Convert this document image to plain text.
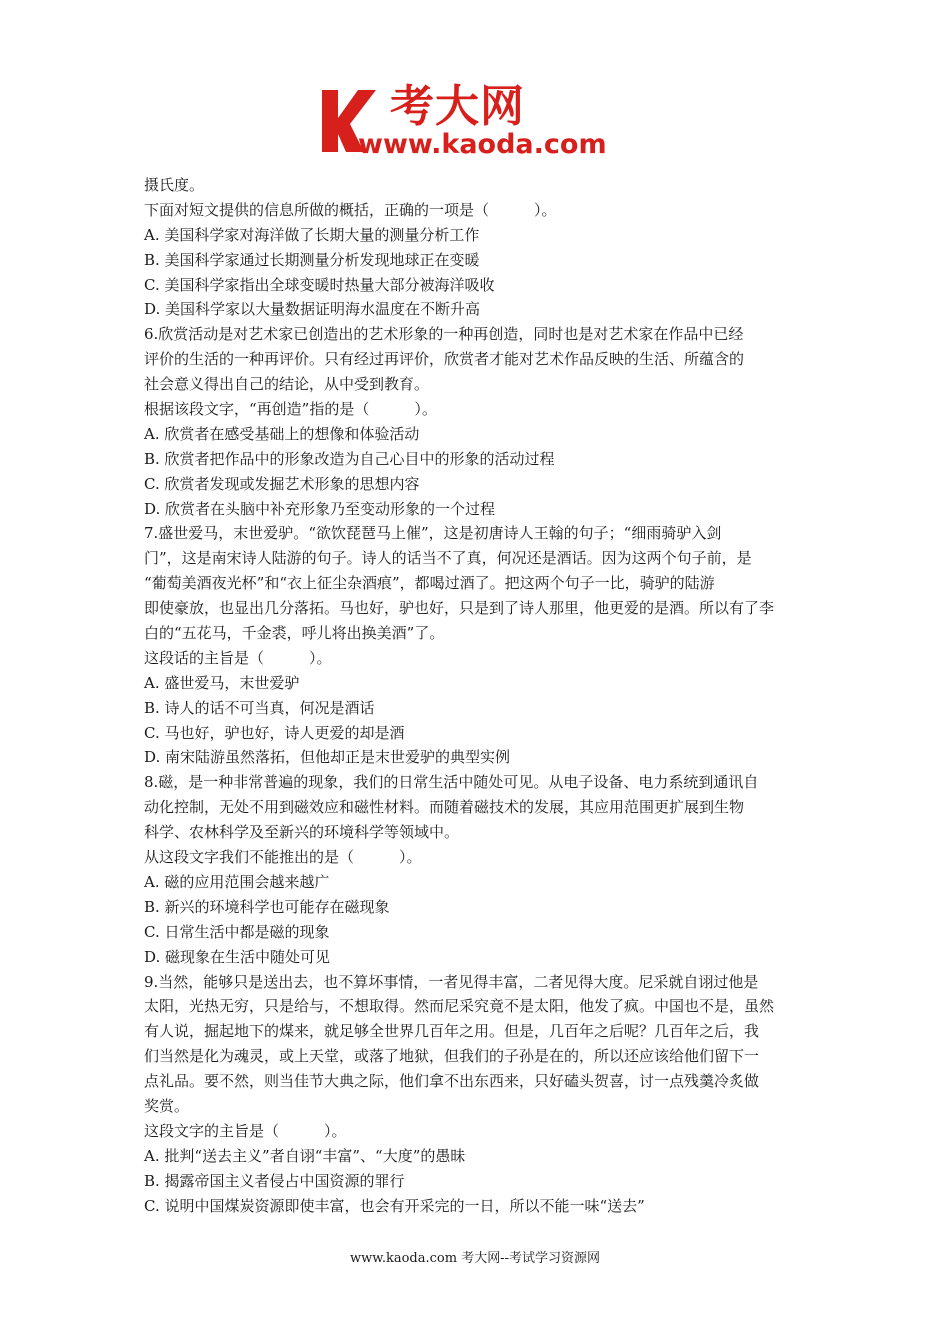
考大网
www.kaoda.com
摄氏度。
下面对短文提供的信息所做的概括，正确的一项是（　　　）。
A. 美国科学家对海洋做了长期大量的测量分析工作
B. 美国科学家通过长期测量分析发现地球正在变暖
C. 美国科学家指出全球变暖时热量大部分被海洋吸收
D. 美国科学家以大量数据证明海水温度在不断升高
6.欣赏活动是对艺术家已创造出的艺术形象的一种再创造，同时也是对艺术家在作品中已经
评价的生活的一种再评价。只有经过再评价，欣赏者才能对艺术作品反映的生活、所蕴含的
社会意义得出自己的结论，从中受到教育。
根据该段文字，“再创造”指的是（　　　）。
A. 欣赏者在感受基础上的想像和体验活动
B. 欣赏者把作品中的形象改造为自己心目中的形象的活动过程
C. 欣赏者发现或发掘艺术形象的思想内容
D. 欣赏者在头脑中补充形象乃至变动形象的一个过程
7.盛世爱马，末世爱驴。“欲饮琵琶马上催”，这是初唐诗人王翰的句子；“细雨骑驴入剑
门”，这是南宋诗人陆游的句子。诗人的话当不了真，何况还是酒话。因为这两个句子前，是
“葡萄美酒夜光杯”和“衣上征尘杂酒痕”，都喝过酒了。把这两个句子一比，骑驴的陆游
即使豪放，也显出几分落拓。马也好，驴也好，只是到了诗人那里，他更爱的是酒。所以有了李
白的“五花马，千金裘，呼儿将出换美酒”了。
这段话的主旨是（　　　）。
A. 盛世爱马，末世爱驴
B. 诗人的话不可当真，何况是酒话
C. 马也好，驴也好，诗人更爱的却是酒
D. 南宋陆游虽然落拓，但他却正是末世爱驴的典型实例
8.磁，是一种非常普遍的现象，我们的日常生活中随处可见。从电子设备、电力系统到通讯自
动化控制，无处不用到磁效应和磁性材料。而随着磁技术的发展，其应用范围更扩展到生物
科学、农林科学及至新兴的环境科学等领域中。
从这段文字我们不能推出的是（　　　）。
A. 磁的应用范围会越来越广
B. 新兴的环境科学也可能存在磁现象
C. 日常生活中都是磁的现象
D. 磁现象在生活中随处可见
9.当然，能够只是送出去，也不算坏事情，一者见得丰富，二者见得大度。尼采就自诩过他是
太阳，光热无穷，只是给与，不想取得。然而尼采究竟不是太阳，他发了疯。中国也不是，虽然
有人说，掘起地下的煤来，就足够全世界几百年之用。但是，几百年之后呢？几百年之后，我
们当然是化为魂灵，或上天堂，或落了地狱，但我们的子孙是在的，所以还应该给他们留下一
点礼品。要不然，则当佳节大典之际，他们拿不出东西来，只好磕头贺喜，讨一点残羹冷炙做
奖赏。
这段文字的主旨是（　　　）。
A. 批判“送去主义”者自诩“丰富”、“大度”的愚昧
B. 揭露帝国主义者侵占中国资源的罪行
C. 说明中国煤炭资源即使丰富，也会有开采完的一日，所以不能一味“送去”
www.kaoda.com 考大网--考试学习资源网
